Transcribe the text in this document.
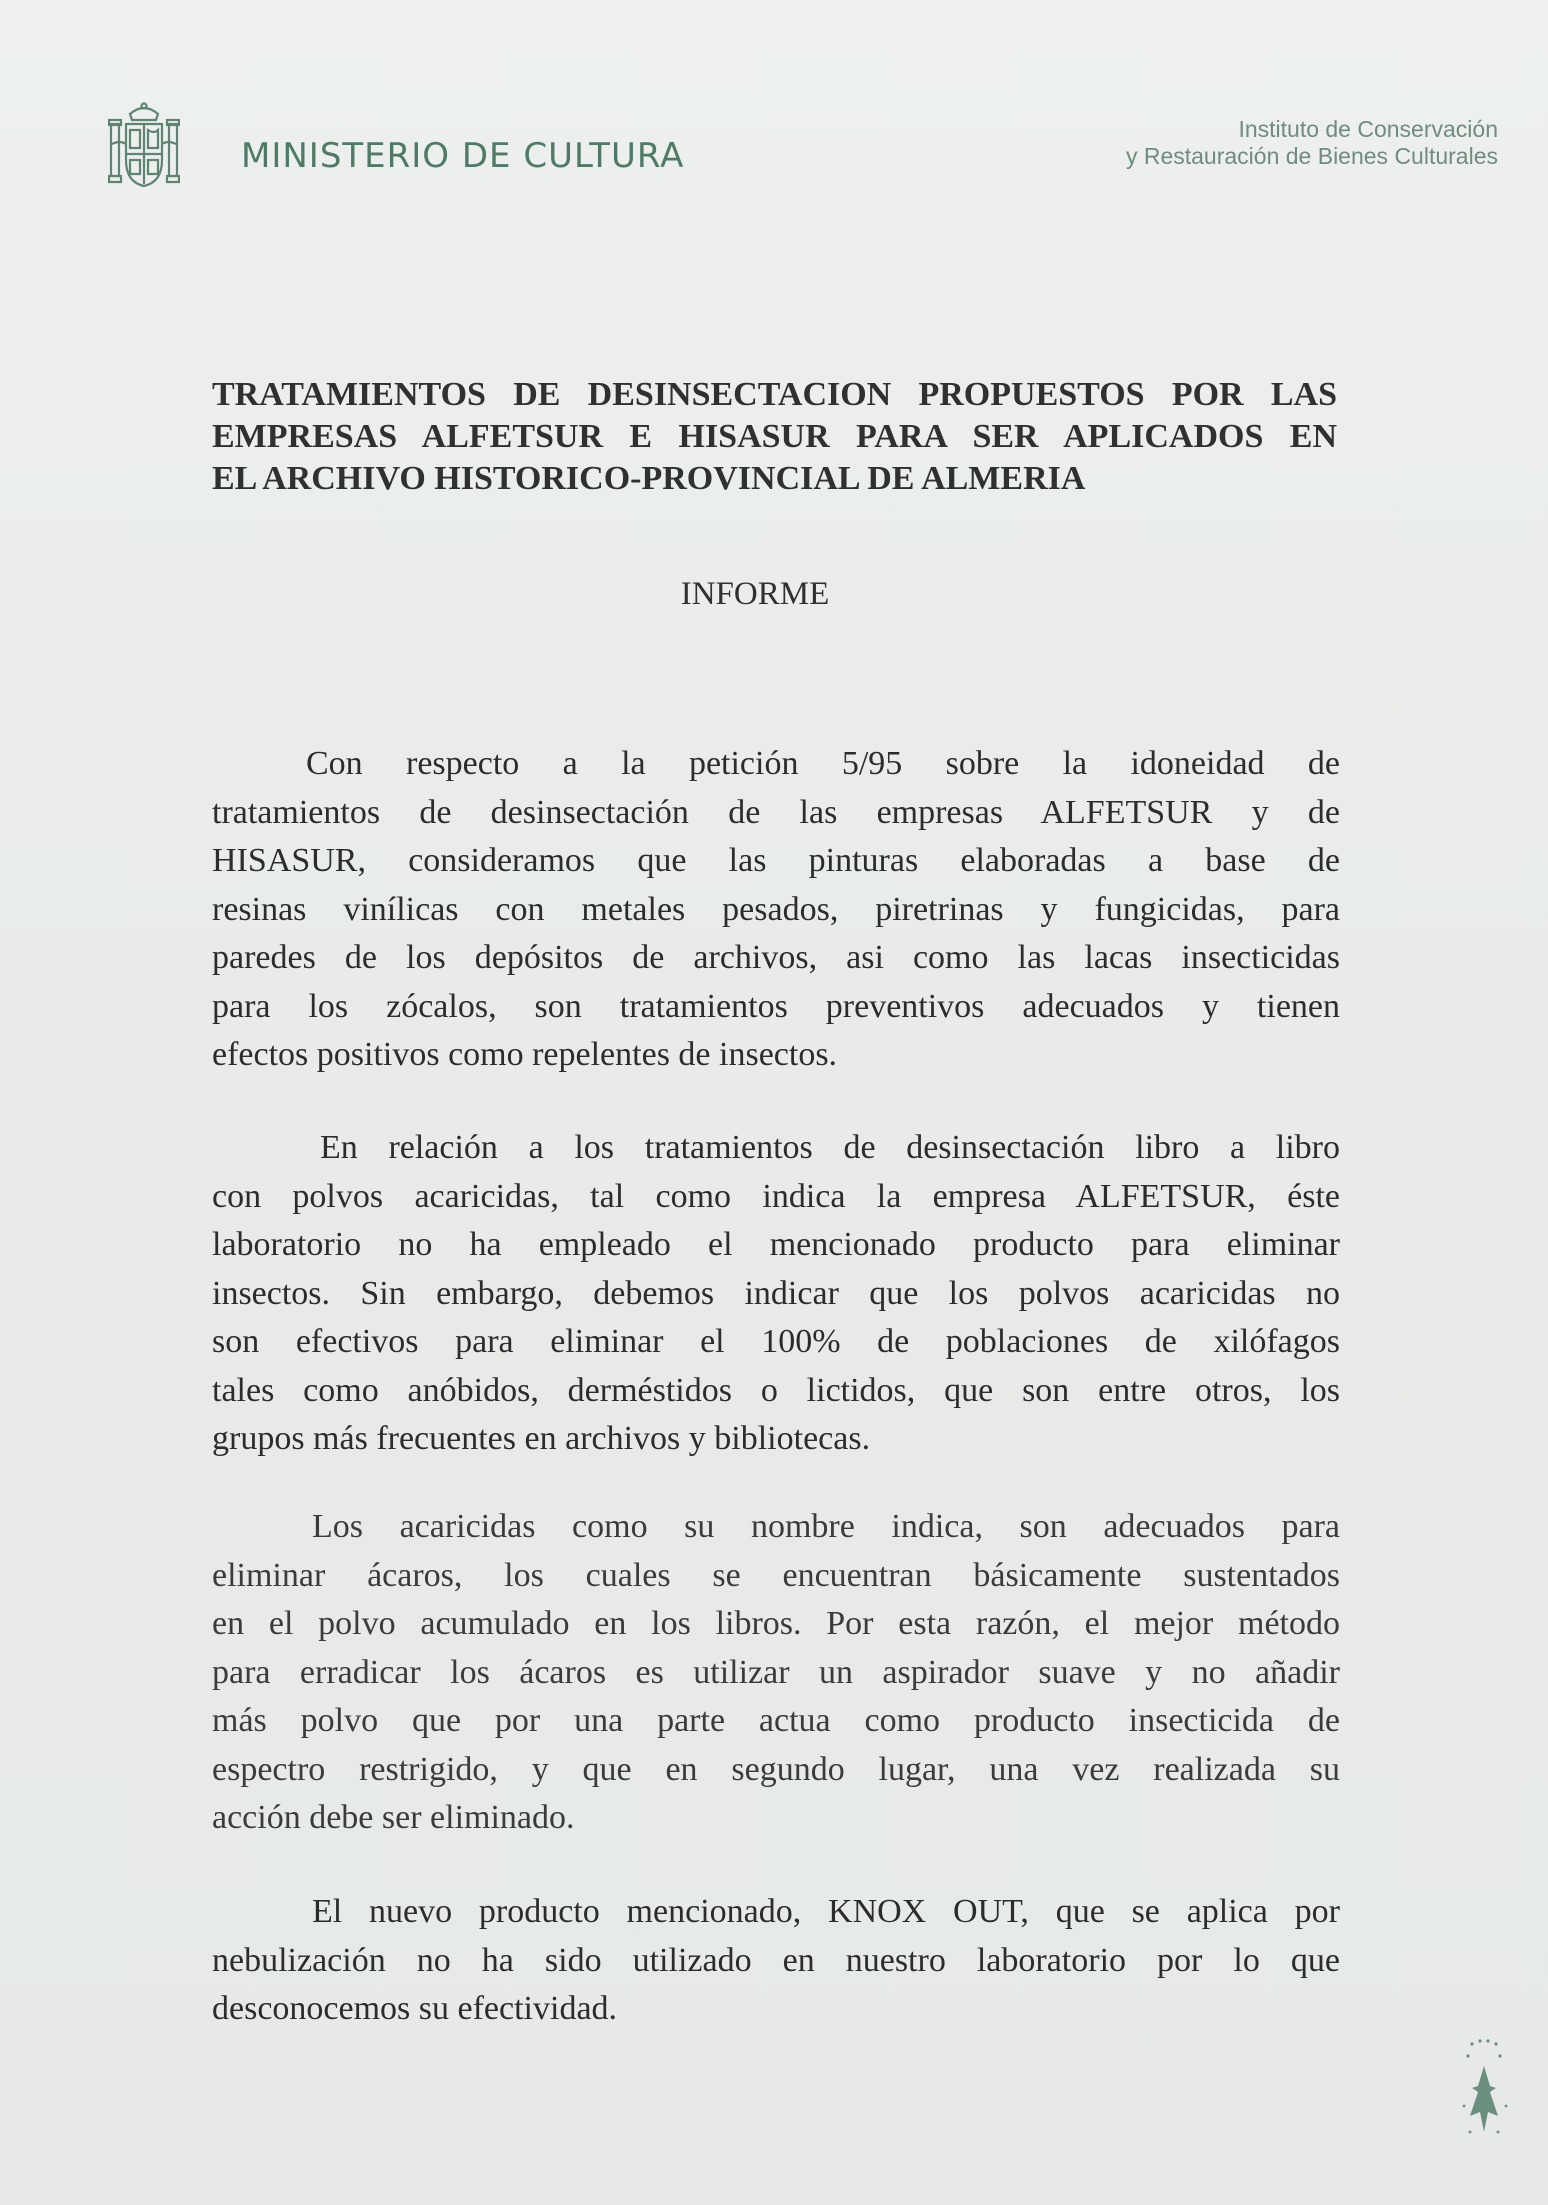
MINISTERIO DE CULTURA
Instituto de Conservación
y Restauración de Bienes Culturales
TRATAMIENTOS DE DESINSECTACION PROPUESTOS POR LAS
EMPRESAS ALFETSUR E HISASUR PARA SER APLICADOS EN
EL ARCHIVO HISTORICO-PROVINCIAL DE ALMERIA
INFORME
Con respecto a la petición 5/95 sobre la idoneidad de
tratamientos de desinsectación de las empresas ALFETSUR y de
HISASUR, consideramos que las pinturas elaboradas a base de
resinas vinílicas con metales pesados, piretrinas y fungicidas, para
paredes de los depósitos de archivos, asi como las lacas insecticidas
para los zócalos, son tratamientos preventivos adecuados y tienen
efectos positivos como repelentes de insectos.
En relación a los tratamientos de desinsectación libro a libro
con polvos acaricidas, tal como indica la empresa ALFETSUR, éste
laboratorio no ha empleado el mencionado producto para eliminar
insectos. Sin embargo, debemos indicar que los polvos acaricidas no
son efectivos para eliminar el 100% de poblaciones de xilófagos
tales como anóbidos, derméstidos o lictidos, que son entre otros, los
grupos más frecuentes en archivos y bibliotecas.
Los acaricidas como su nombre indica, son adecuados para
eliminar ácaros, los cuales se encuentran básicamente sustentados
en el polvo acumulado en los libros. Por esta razón, el mejor método
para erradicar los ácaros es utilizar un aspirador suave y no añadir
más polvo que por una parte actua como producto insecticida de
espectro restrigido, y que en segundo lugar, una vez realizada su
acción debe ser eliminado.
El nuevo producto mencionado, KNOX OUT, que se aplica por
nebulización no ha sido utilizado en nuestro laboratorio por lo que
desconocemos su efectividad.
